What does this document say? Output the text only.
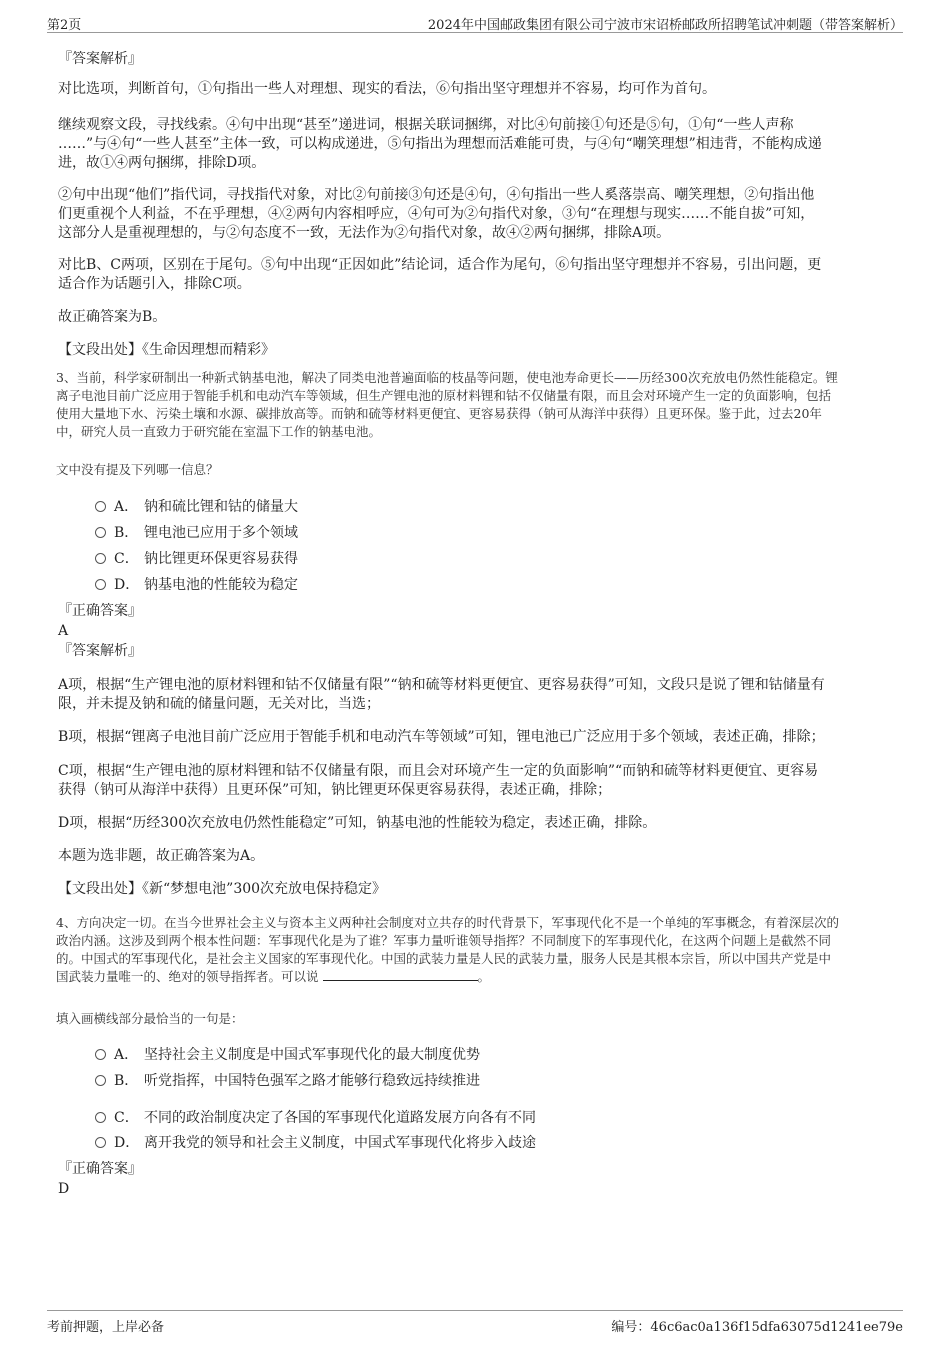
第2页	2024年中国邮政集团有限公司宁波市宋诏桥邮政所招聘笔试冲刺题（带答案解析）
『答案解析』
对比选项，判断首句，①句指出一些人对理想、现实的看法，⑥句指出坚守理想并不容易，均可作为首句。
继续观察文段，寻找线索。④句中出现“甚至”递进词，根据关联词捆绑，对比④句前接①句还是⑤句，①句“一些人声称
……”与④句“一些人甚至”主体一致，可以构成递进，⑤句指出为理想而活难能可贵，与④句“嘲笑理想”相违背，不能构成递
进，故①④两句捆绑，排除D项。
②句中出现“他们”指代词，寻找指代对象，对比②句前接③句还是④句，④句指出一些人奚落崇高、嘲笑理想，②句指出他
们更重视个人利益，不在乎理想，④②两句内容相呼应，④句可为②句指代对象，③句“在理想与现实……不能自拔”可知，
这部分人是重视理想的，与②句态度不一致，无法作为②句指代对象，故④②两句捆绑，排除A项。
对比B、C两项，区别在于尾句。⑤句中出现“正因如此”结论词，适合作为尾句，⑥句指出坚守理想并不容易，引出问题，更
适合作为话题引入，排除C项。
故正确答案为B。
【文段出处】《生命因理想而精彩》
3、当前，科学家研制出一种新式钠基电池，解决了同类电池普遍面临的枝晶等问题，使电池寿命更长——历经300次充放电仍然性能稳定。锂
离子电池目前广泛应用于智能手机和电动汽车等领域，但生产锂电池的原材料锂和钴不仅储量有限，而且会对环境产生一定的负面影响，包括
使用大量地下水、污染土壤和水源、碳排放高等。而钠和硫等材料更便宜、更容易获得（钠可从海洋中获得）且更环保。鉴于此，过去20年
中，研究人员一直致力于研究能在室温下工作的钠基电池。
文中没有提及下列哪一信息？
A． 钠和硫比锂和钴的储量大
B． 锂电池已应用于多个领域
C． 钠比锂更环保更容易获得
D． 钠基电池的性能较为稳定
『正确答案』
A
『答案解析』
A项，根据“生产锂电池的原材料锂和钴不仅储量有限”“钠和硫等材料更便宜、更容易获得”可知，文段只是说了锂和钴储量有
限，并未提及钠和硫的储量问题，无关对比，当选；
B项，根据“锂离子电池目前广泛应用于智能手机和电动汽车等领域”可知，锂电池已广泛应用于多个领域，表述正确，排除；
C项，根据“生产锂电池的原材料锂和钴不仅储量有限，而且会对环境产生一定的负面影响”“而钠和硫等材料更便宜、更容易
获得（钠可从海洋中获得）且更环保”可知，钠比锂更环保更容易获得，表述正确，排除；
D项，根据“历经300次充放电仍然性能稳定”可知，钠基电池的性能较为稳定，表述正确，排除。
本题为选非题，故正确答案为A。
【文段出处】《新“梦想电池”300次充放电保持稳定》
4、方向决定一切。在当今世界社会主义与资本主义两种社会制度对立共存的时代背景下，军事现代化不是一个单纯的军事概念，有着深层次的
政治内涵。这涉及到两个根本性问题：军事现代化是为了谁？军事力量听谁领导指挥？不同制度下的军事现代化，在这两个问题上是截然不同
的。中国式的军事现代化，是社会主义国家的军事现代化。中国的武装力量是人民的武装力量，服务人民是其根本宗旨，所以中国共产党是中
国武装力量唯一的、绝对的领导指挥者。可以说	。
填入画横线部分最恰当的一句是：
A． 坚持社会主义制度是中国式军事现代化的最大制度优势
B． 听党指挥，中国特色强军之路才能够行稳致远持续推进
C． 不同的政治制度决定了各国的军事现代化道路发展方向各有不同
D． 离开我党的领导和社会主义制度，中国式军事现代化将步入歧途
『正确答案』
D
考前押题，上岸必备	编号：46c6ac0a136f15dfa63075d1241ee79e
